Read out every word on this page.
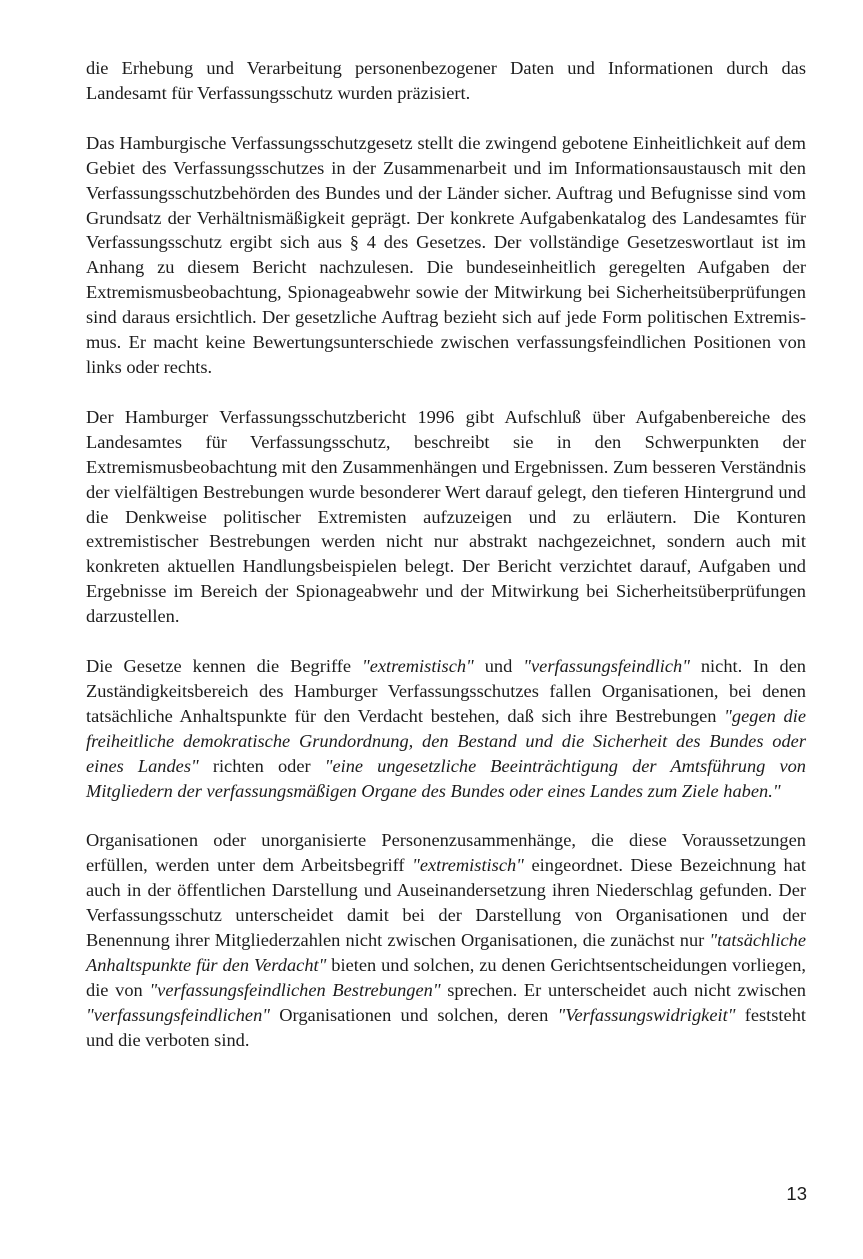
die Erhebung und Verarbeitung personenbezogener Daten und Informationen durch das Landesamt für Verfassungsschutz wurden präzisiert.

Das Hamburgische Verfassungsschutzgesetz stellt die zwingend gebotene Einheitlichkeit auf dem Gebiet des Verfassungsschutzes in der Zusammenarbeit und im Informationsaustausch mit den Verfassungsschutzbehörden des Bundes und der Länder sicher. Auftrag und Befugnisse sind vom Grundsatz der Verhältnismäßigkeit geprägt. Der konkrete Aufgabenkatalog des Landesamtes für Verfassungsschutz ergibt sich aus § 4 des Gesetzes. Der vollständige Gesetzeswortlaut ist im Anhang zu diesem Bericht nachzulesen. Die bundeseinheitlich geregelten Aufgaben der Extremismusbeobachtung, Spionageabwehr sowie der Mitwirkung bei Sicherheitsüberprüfungen sind daraus ersichtlich. Der gesetzliche Auftrag bezieht sich auf jede Form politischen Extremismus. Er macht keine Bewertungsunterschiede zwischen verfassungsfeindlichen Positionen von links oder rechts.

Der Hamburger Verfassungsschutzbericht 1996 gibt Aufschluß über Aufgabenbereiche des Landesamtes für Verfassungsschutz, beschreibt sie in den Schwerpunkten der Extremismusbeobachtung mit den Zusammenhängen und Ergebnissen. Zum besseren Verständnis der vielfältigen Bestrebungen wurde besonderer Wert darauf gelegt, den tieferen Hintergrund und die Denkweise politischer Extremisten aufzuzeigen und zu erläutern. Die Konturen extremistischer Bestrebungen werden nicht nur abstrakt nachgezeichnet, sondern auch mit konkreten aktuellen Handlungsbeispielen belegt. Der Bericht verzichtet darauf, Aufgaben und Ergebnisse im Bereich der Spionageabwehr und der Mitwirkung bei Sicherheitsüberprüfungen darzustellen.

Die Gesetze kennen die Begriffe "extremistisch" und "verfassungsfeindlich" nicht. In den Zuständigkeitsbereich des Hamburger Verfassungsschutzes fallen Organisationen, bei denen tatsächliche Anhaltspunkte für den Verdacht bestehen, daß sich ihre Bestrebungen "gegen die freiheitliche demokratische Grundordnung, den Bestand und die Sicherheit des Bundes oder eines Landes" richten oder "eine ungesetzliche Beeinträchtigung der Amtsführung von Mitgliedern der verfassungsmäßigen Organe des Bundes oder eines Landes zum Ziele haben."

Organisationen oder unorganisierte Personenzusammenhänge, die diese Voraussetzungen erfüllen, werden unter dem Arbeitsbegriff "extremistisch" eingeordnet. Diese Bezeichnung hat auch in der öffentlichen Darstellung und Auseinandersetzung ihren Niederschlag gefunden. Der Verfassungsschutz unterscheidet damit bei der Darstellung von Organisationen und der Benennung ihrer Mitgliederzahlen nicht zwischen Organisationen, die zunächst nur "tatsächliche Anhaltspunkte für den Verdacht" bieten und solchen, zu denen Gerichtsentscheidungen vorliegen, die von "verfassungsfeindlichen Bestrebungen" sprechen. Er unterscheidet auch nicht zwischen "verfassungsfeindlichen" Organisationen und solchen, deren "Verfassungswidrigkeit" feststeht und die verboten sind.

13
